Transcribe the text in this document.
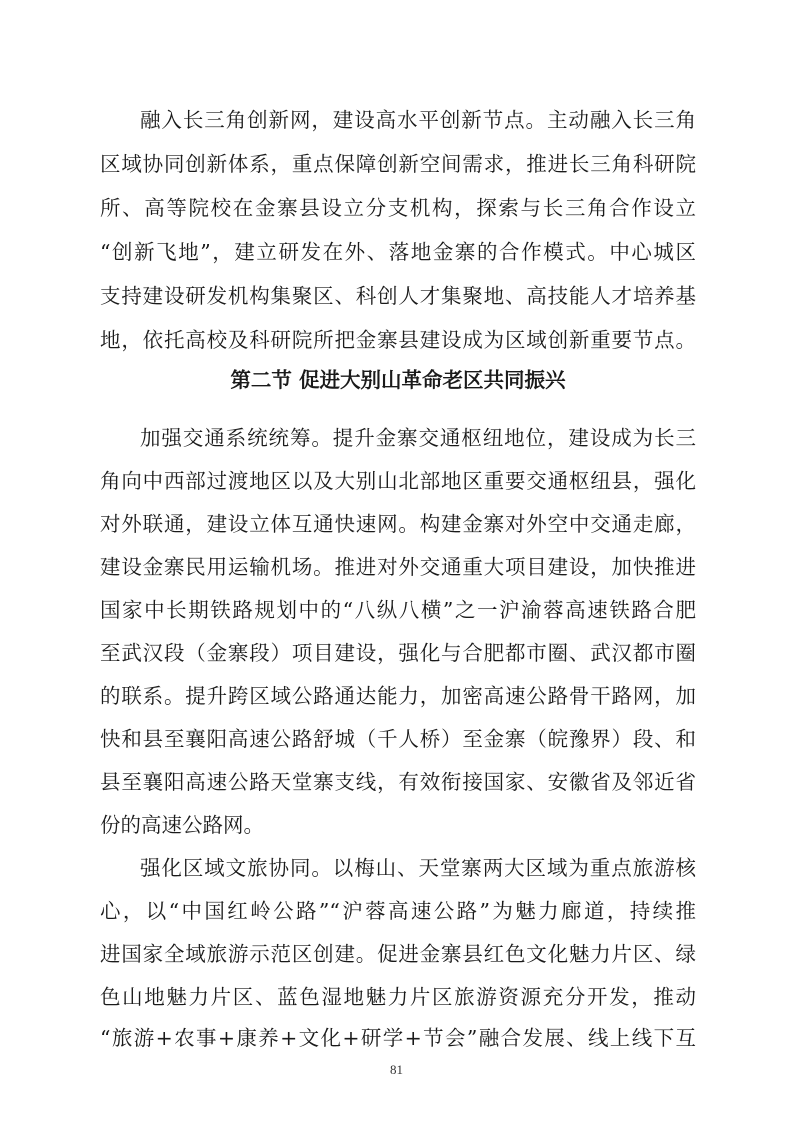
融入长三角创新网，建设高水平创新节点。主动融入长三角
区域协同创新体系，重点保障创新空间需求，推进长三角科研院
所、高等院校在金寨县设立分支机构，探索与长三角合作设立
“创新飞地”，建立研发在外、落地金寨的合作模式。中心城区
支持建设研发机构集聚区、科创人才集聚地、高技能人才培养基
地，依托高校及科研院所把金寨县建设成为区域创新重要节点。
第二节 促进大别山革命老区共同振兴
加强交通系统统筹。提升金寨交通枢纽地位，建设成为长三
角向中西部过渡地区以及大别山北部地区重要交通枢纽县，强化
对外联通，建设立体互通快速网。构建金寨对外空中交通走廊，
建设金寨民用运输机场。推进对外交通重大项目建设，加快推进
国家中长期铁路规划中的“八纵八横”之一沪渝蓉高速铁路合肥
至武汉段（金寨段）项目建设，强化与合肥都市圈、武汉都市圈
的联系。提升跨区域公路通达能力，加密高速公路骨干路网，加
快和县至襄阳高速公路舒城（千人桥）至金寨（皖豫界）段、和
县至襄阳高速公路天堂寨支线，有效衔接国家、安徽省及邻近省
份的高速公路网。
强化区域文旅协同。以梅山、天堂寨两大区域为重点旅游核
心，以“中国红岭公路”“沪蓉高速公路”为魅力廊道，持续推
进国家全域旅游示范区创建。促进金寨县红色文化魅力片区、绿
色山地魅力片区、蓝色湿地魅力片区旅游资源充分开发，推动
“旅游+农事+康养+文化+研学+节会”融合发展、线上线下互
81
